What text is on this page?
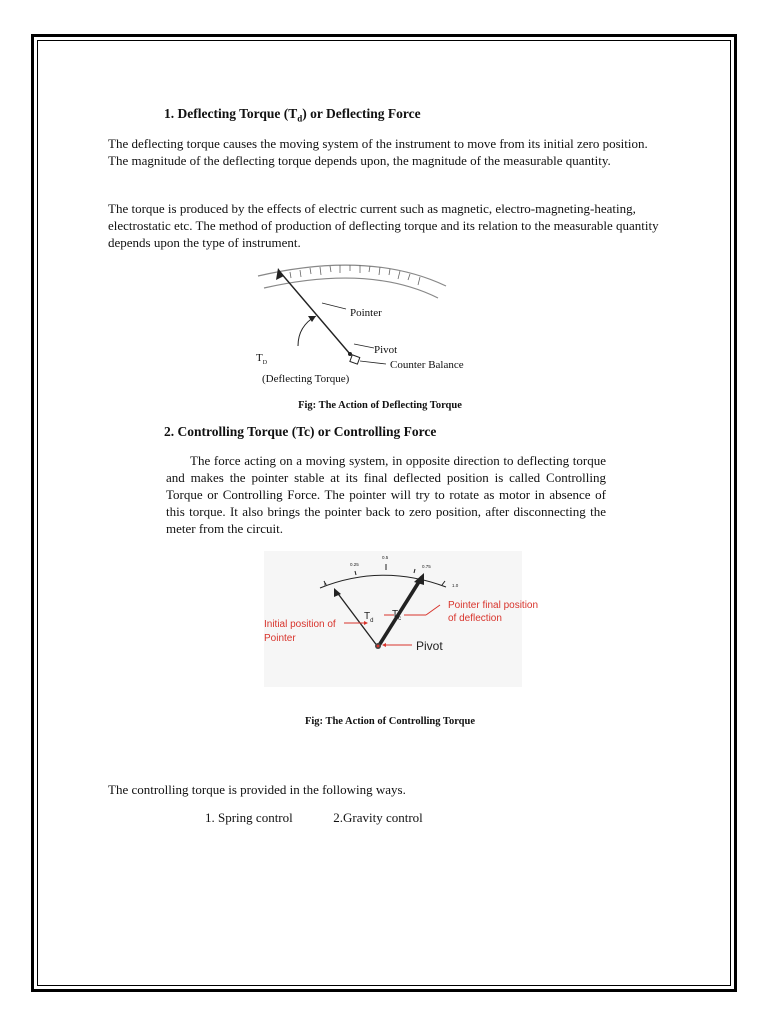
1. Deflecting Torque $(T_d)$ or Deflecting Force

The deflecting torque causes the moving system of the instrument to move from its initial zero position. The magnitude of the deflecting torque depends upon, the magnitude of the measurable quantity.

The torque is produced by the effects of electric current such as magnetic, electro-magneting-heating, electrostatic etc. The method of production of deflecting torque and its relation to the measurable quantity depends upon the type of instrument.

Pointer
Pivot
Counter Balance
$T_D$
(Deflecting Torque)
Fig: The Action of Deflecting Torque
2. Controlling Torque (Tc) or Controlling Force

The force acting on a moving system, in opposite direction to deflecting torque and makes the pointer stable at its final deflected position is called Controlling Torque or Controlling Force. The pointer will try to rotate as motor in absence of this torque. It also brings the pointer back to zero position, after disconnecting the meter from the circuit.

0
0.25
0.5
0.75
1.0
$T_d$
$T_c$
Initial position of
Pointer
Pointer final position
of deflection
Pivot
Fig: The Action of Controlling Torque
The controlling torque is provided in the following ways.
1. Spring control	2.Gravity control
